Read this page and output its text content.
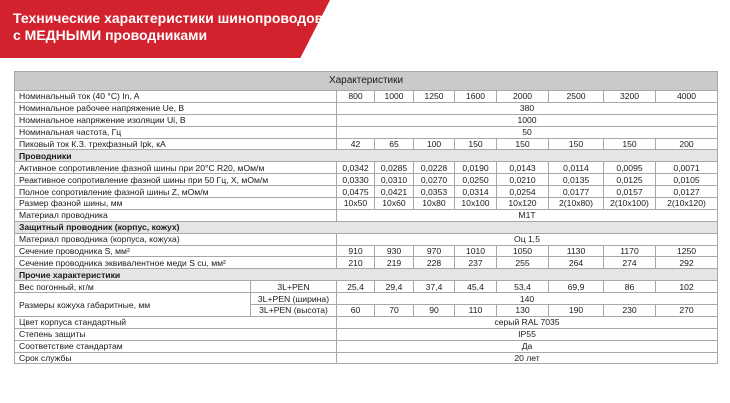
Технические характеристики шинопроводов
с МЕДНЫМИ проводниками
Характеристики									
Номинальный ток (40 °C) In, A		800	1000	1250	1600	2000	2500	3200	4000
Номинальное рабочее напряжение Ue, B		380							
Номинальное напряжение изоляции Ui, B		1000							
Номинальная частота, Гц		50							
Пиковый ток К.З. трехфазный Ipk, кА		42	65	100	150	150	150	150	200
Проводники									
Активное сопротивление фазной шины при 20°C R20, мОм/м		0,0342	0,0285	0,0228	0,0190	0,0143	0,0114	0,0095	0,0071
Реактивное сопротивление фазной шины при 50 Гц, X, мОм/м		0,0330	0,0310	0,0270	0,0250	0,0210	0,0135	0,0125	0,0105
Полное сопротивление фазной шины Z, мОм/м		0,0475	0,0421	0,0353	0,0314	0,0254	0,0177	0,0157	0,0127
Размер фазной шины, мм		10x50	10x60	10x80	10x100	10x120	2(10x80)	2(10x100)	2(10x120)
Материал проводника		М1Т							
Защитный проводник (корпус, кожух)									
Материал проводника (корпуса, кожуха)		Оц 1,5							
Сечение проводника S, мм²		910	930	970	1010	1050	1130	1170	1250
Сечение проводника эквивалентное меди S cu, мм²		210	219	228	237	255	264	274	292
Прочие характеристики									
Вес погонный, кг/м	3L+PEN	25,4	29,4	37,4	45,4	53,4	69,9	86	102
Размеры кожуха габаритные, мм	3L+PEN (ширина)	140							
	3L+PEN (высота)	60	70	90	110	130	190	230	270
Цвет корпуса стандартный		серый RAL 7035							
Степень защиты		IP55							
Соответствие стандартам		Да							
Срок службы		20 лет							
